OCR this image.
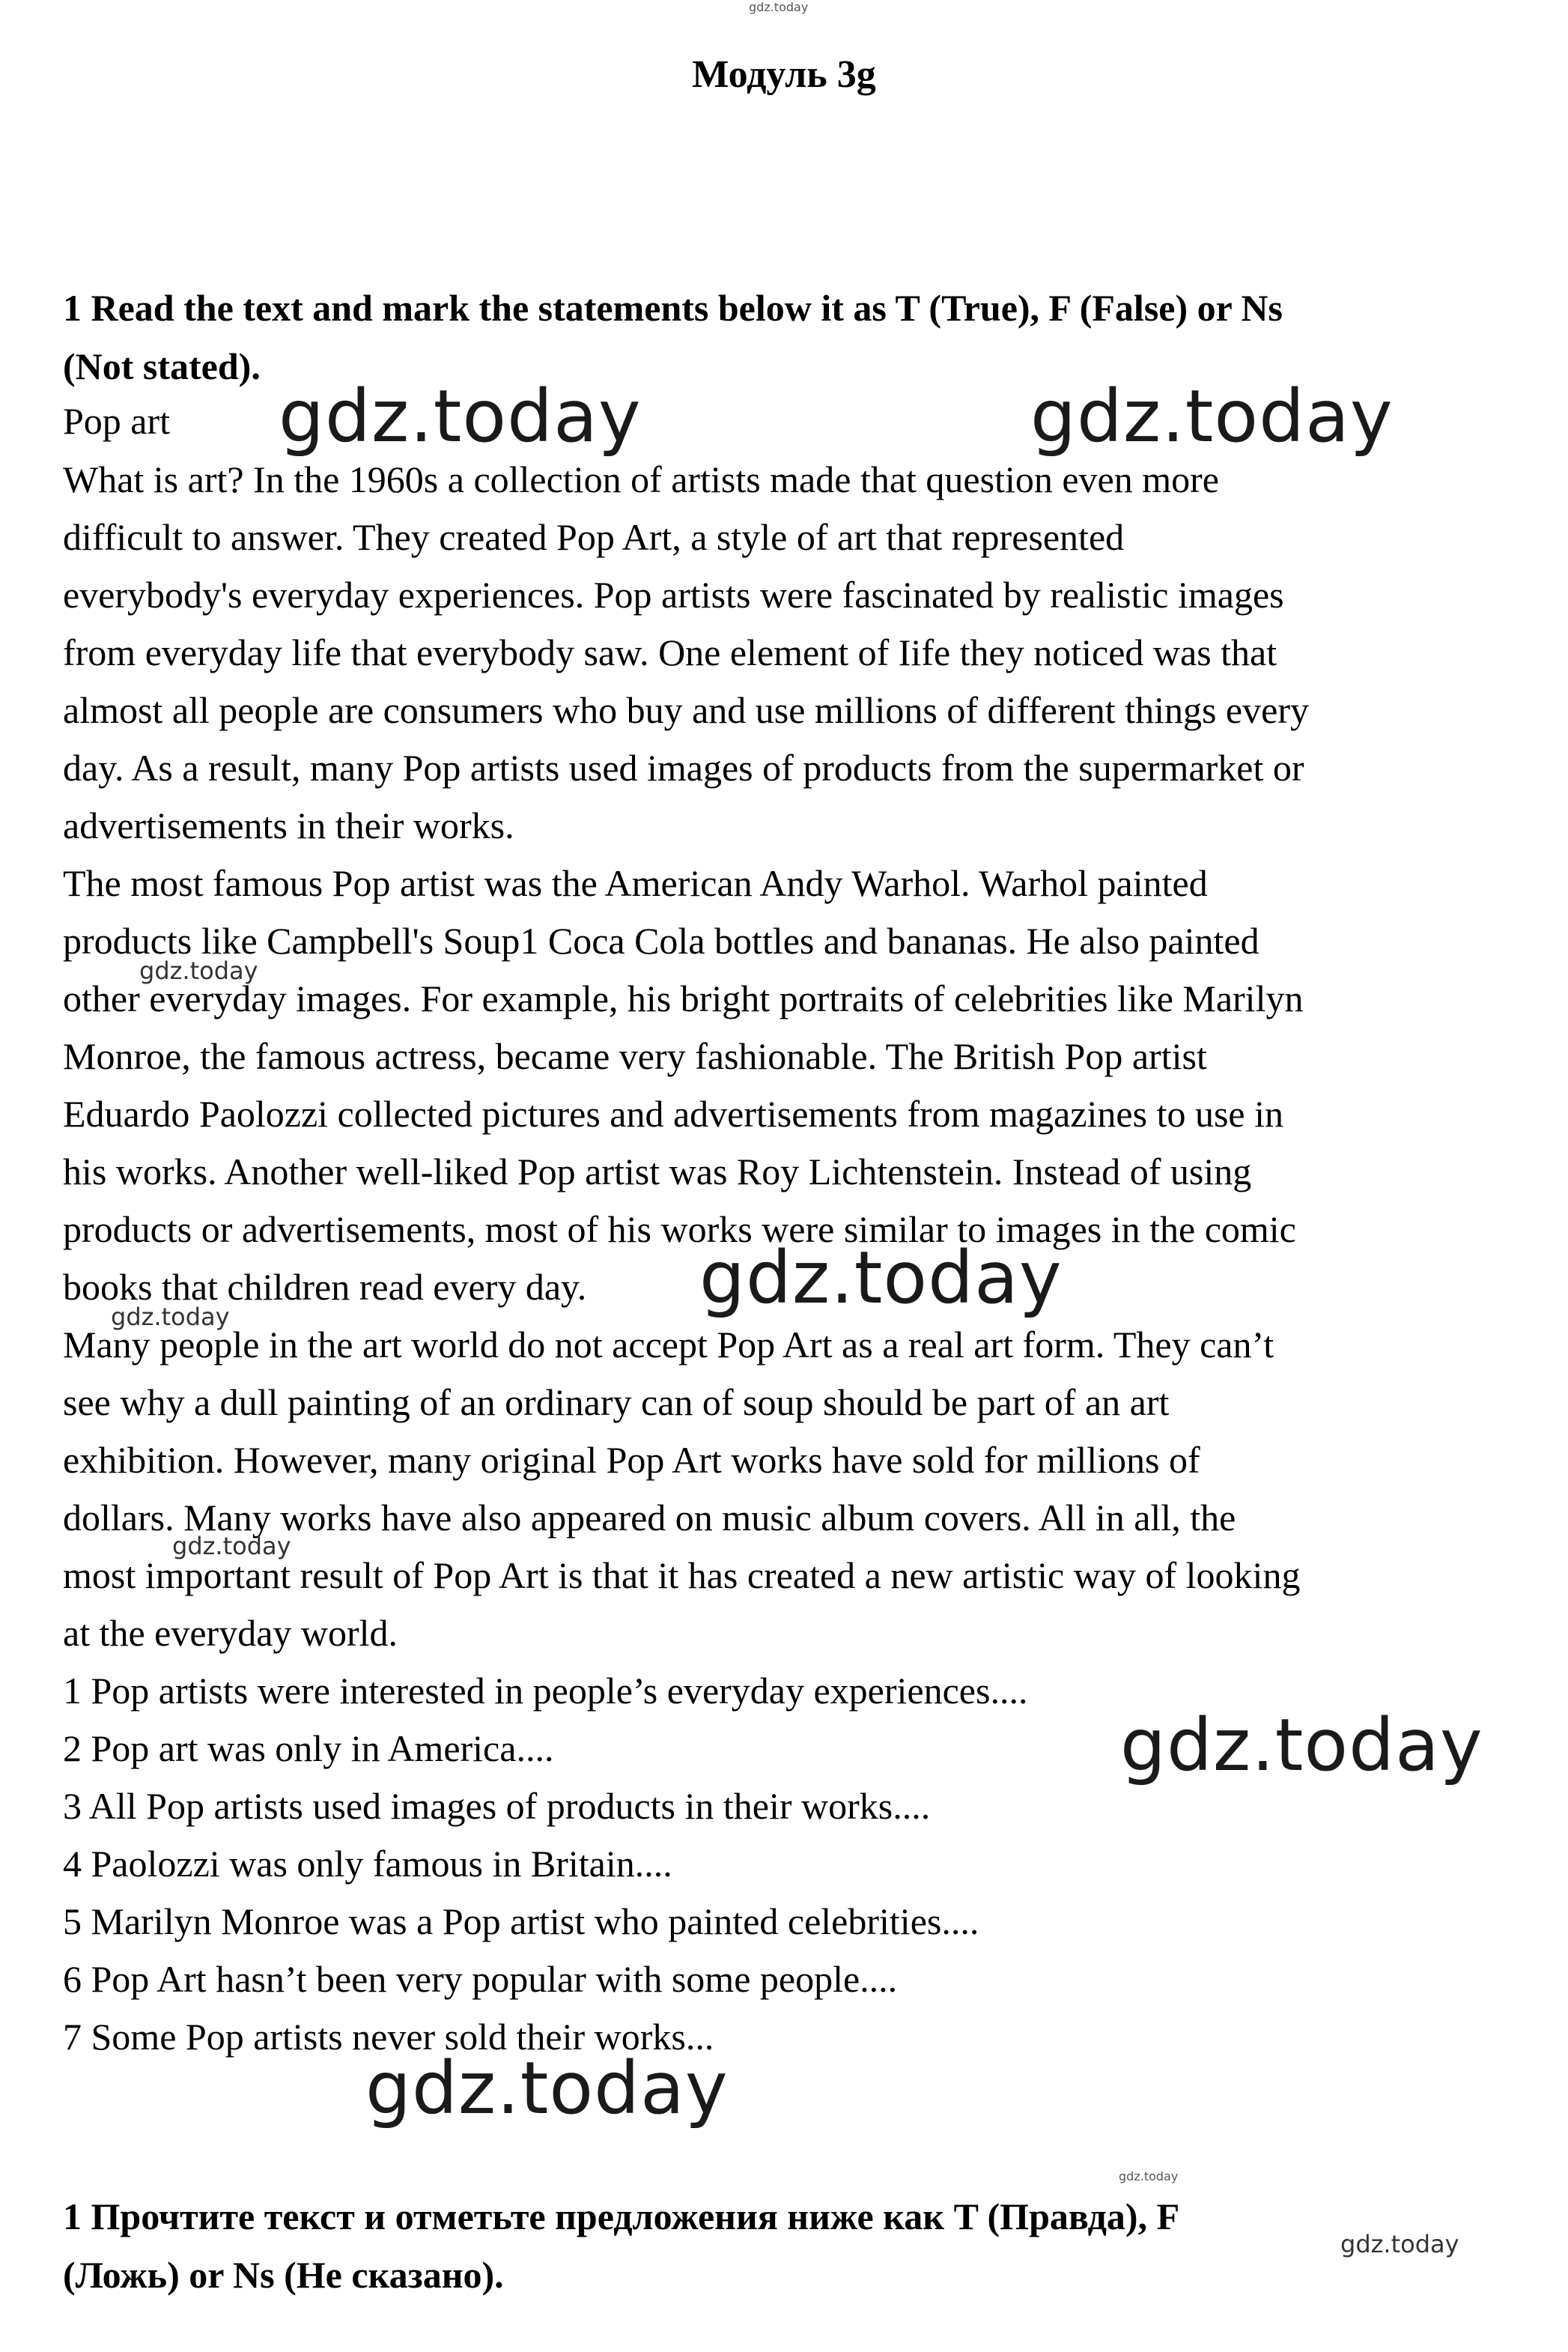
gdz.today
Модуль 3g
1 Read the text and mark the statements below it as T (True), F (False) or Ns
(Not stated).

Pop art

What is art? In the 1960s a collection of artists made that question even more

difficult to answer. They created Pop Art, a style of art that represented

everybody's everyday experiences. Pop artists were fascinated by realistic images

from everyday life that everybody saw. One element of Iife they noticed was that

almost all people are consumers who buy and use millions of different things every

day. As a result, many Pop artists used images of products from the supermarket or

advertisements in their works.

The most famous Pop artist was the American Andy Warhol. Warhol painted

products like Campbell's Soup1 Coca Cola bottles and bananas. He also painted

other everyday images. For example, his bright portraits of celebrities like Marilyn

Monroe, the famous actress, became very fashionable. The British Pop artist

Eduardo Paolozzi collected pictures and advertisements from magazines to use in

his works. Another well-liked Pop artist was Roy Lichtenstein. Instead of using

products or advertisements, most of his works were similar to images in the comic

books that children read every day.

Many people in the art world do not accept Pop Art as a real art form. They can’t

see why a dull painting of an ordinary can of soup should be part of an art

exhibition. However, many original Pop Art works have sold for millions of

dollars. Many works have also appeared on music album covers. All in all, the

most important result of Pop Art is that it has created a new artistic way of looking

at the everyday world.

1 Pop artists were interested in people’s everyday experiences....

2 Pop art was only in America....

3 All Pop artists used images of products in their works....

4 Paolozzi was only famous in Britain....

5 Marilyn Monroe was a Pop artist who painted celebrities....

6 Pop Art hasn’t been very popular with some people....

7 Some Pop artists never sold their works...

1 Прочтите текст и отметьте предложения ниже как T (Правда), F
(Ложь) or Ns (Не сказано).
gdz.today	gdz.today
gdz.today
gdz.today
gdz.today
gdz.today
gdz.today
gdz.today
gdz.today
gdz.today
